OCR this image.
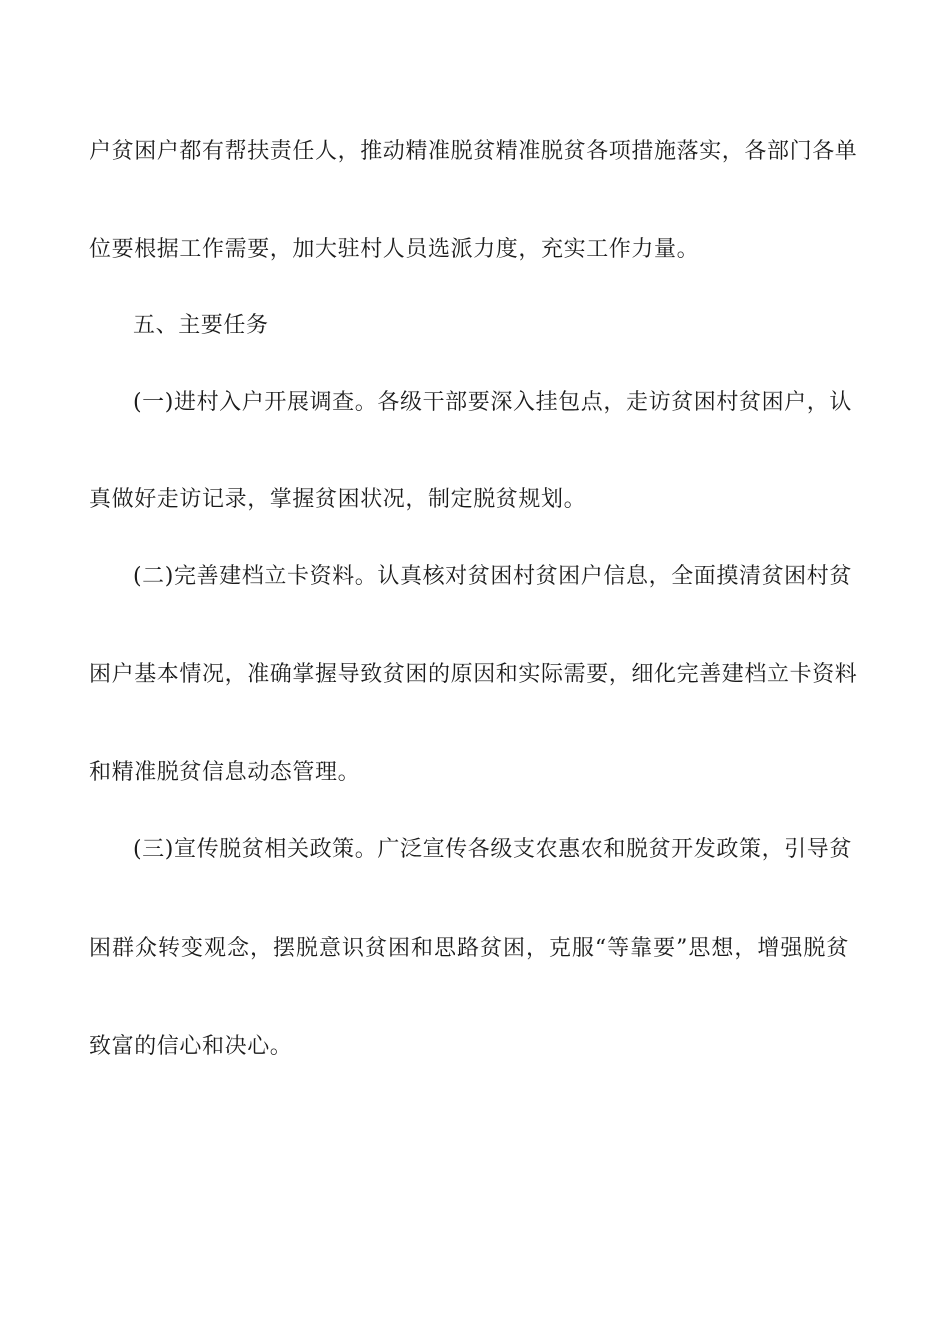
户贫困户都有帮扶责任人，推动精准脱贫精准脱贫各项措施落实，各部门各单
位要根据工作需要，加大驻村人员选派力度，充实工作力量。
五、主要任务
(一)进村入户开展调查。各级干部要深入挂包点，走访贫困村贫困户，认
真做好走访记录，掌握贫困状况，制定脱贫规划。
(二)完善建档立卡资料。认真核对贫困村贫困户信息，全面摸清贫困村贫
困户基本情况，准确掌握导致贫困的原因和实际需要，细化完善建档立卡资料
和精准脱贫信息动态管理。
(三)宣传脱贫相关政策。广泛宣传各级支农惠农和脱贫开发政策，引导贫
困群众转变观念，摆脱意识贫困和思路贫困，克服“等靠要”思想，增强脱贫
致富的信心和决心。
